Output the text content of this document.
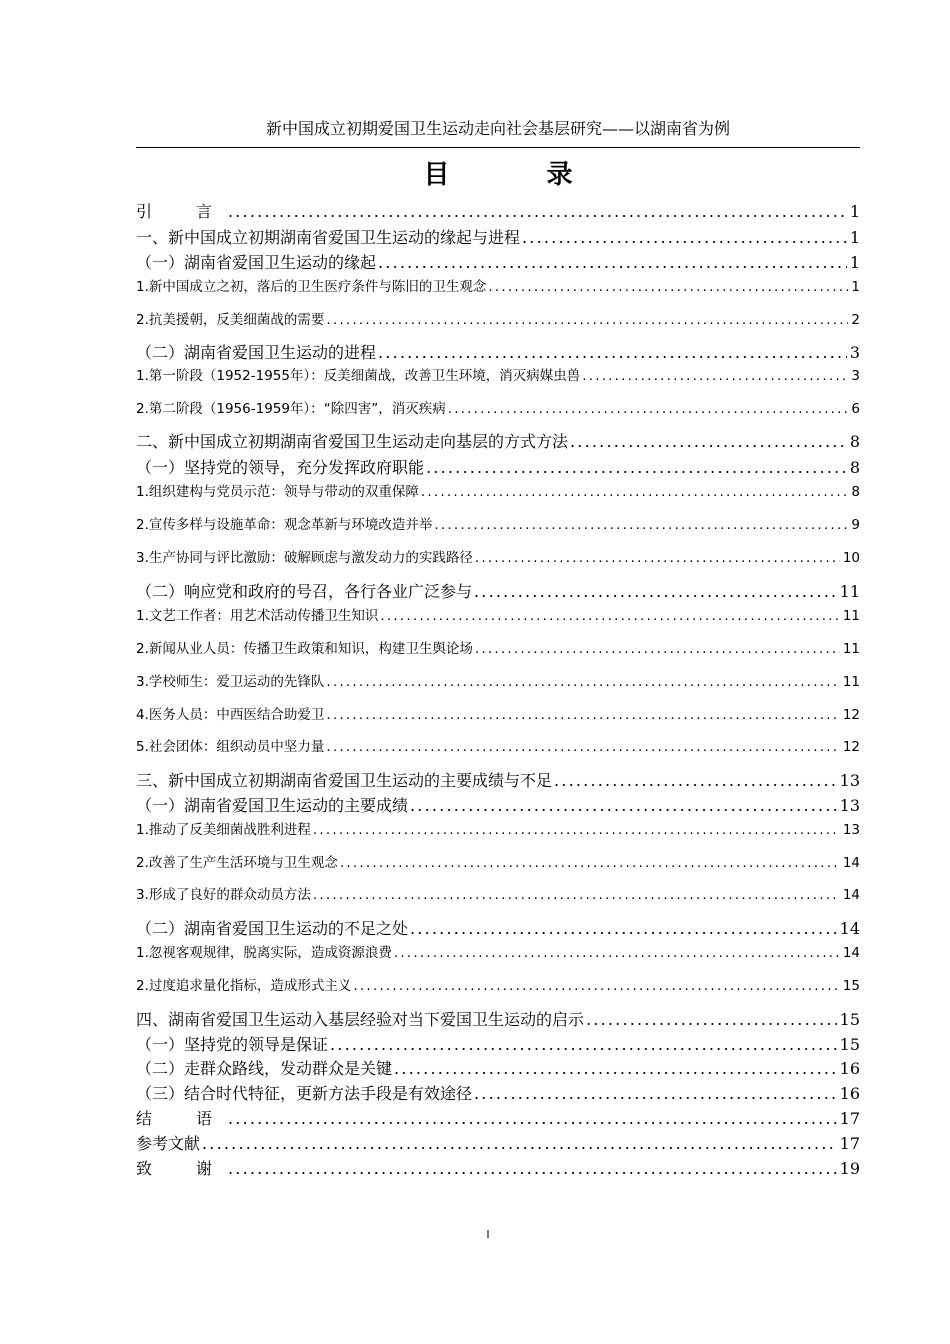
新中国成立初期爱国卫生运动走向社会基层研究——以湖南省为例
目 录
引　言 .....	1
一、新中国成立初期湖南省爱国卫生运动的缘起与进程 .....	1
（一）湖南省爱国卫生运动的缘起 .....	1
1.新中国成立之初，落后的卫生医疗条件与陈旧的卫生观念 .....	1
2.抗美援朝，反美细菌战的需要 .....	2
（二）湖南省爱国卫生运动的进程 .....	3
1.第一阶段（1952-1955年）：反美细菌战，改善卫生环境，消灭病媒虫兽 .....	3
2.第二阶段（1956-1959年）：“除四害”，消灭疾病 .....	6
二、新中国成立初期湖南省爱国卫生运动走向基层的方式方法 .....	8
（一）坚持党的领导，充分发挥政府职能 .....	8
1.组织建构与党员示范：领导与带动的双重保障 .....	8
2.宣传多样与设施革命：观念革新与环境改造并举 .....	9
3.生产协同与评比激励：破解顾虑与激发动力的实践路径 .....	10
（二）响应党和政府的号召，各行各业广泛参与 .....	11
1.文艺工作者：用艺术活动传播卫生知识 .....	11
2.新闻从业人员：传播卫生政策和知识，构建卫生舆论场 .....	11
3.学校师生：爱卫运动的先锋队 .....	11
4.医务人员：中西医结合助爱卫 .....	12
5.社会团体：组织动员中坚力量 .....	12
三、新中国成立初期湖南省爱国卫生运动的主要成绩与不足 .....	13
（一）湖南省爱国卫生运动的主要成绩 .....	13
1.推动了反美细菌战胜利进程 .....	13
2.改善了生产生活环境与卫生观念 .....	14
3.形成了良好的群众动员方法 .....	14
（二）湖南省爱国卫生运动的不足之处 .....	14
1.忽视客观规律，脱离实际，造成资源浪费 .....	14
2.过度追求量化指标，造成形式主义 .....	15
四、湖南省爱国卫生运动入基层经验对当下爱国卫生运动的启示 .....	15
（一）坚持党的领导是保证 .....	15
（二）走群众路线，发动群众是关键 .....	16
（三）结合时代特征，更新方法手段是有效途径 .....	16
结　语 .....	17
参考文献 .....	17
致　谢 .....	19
I
